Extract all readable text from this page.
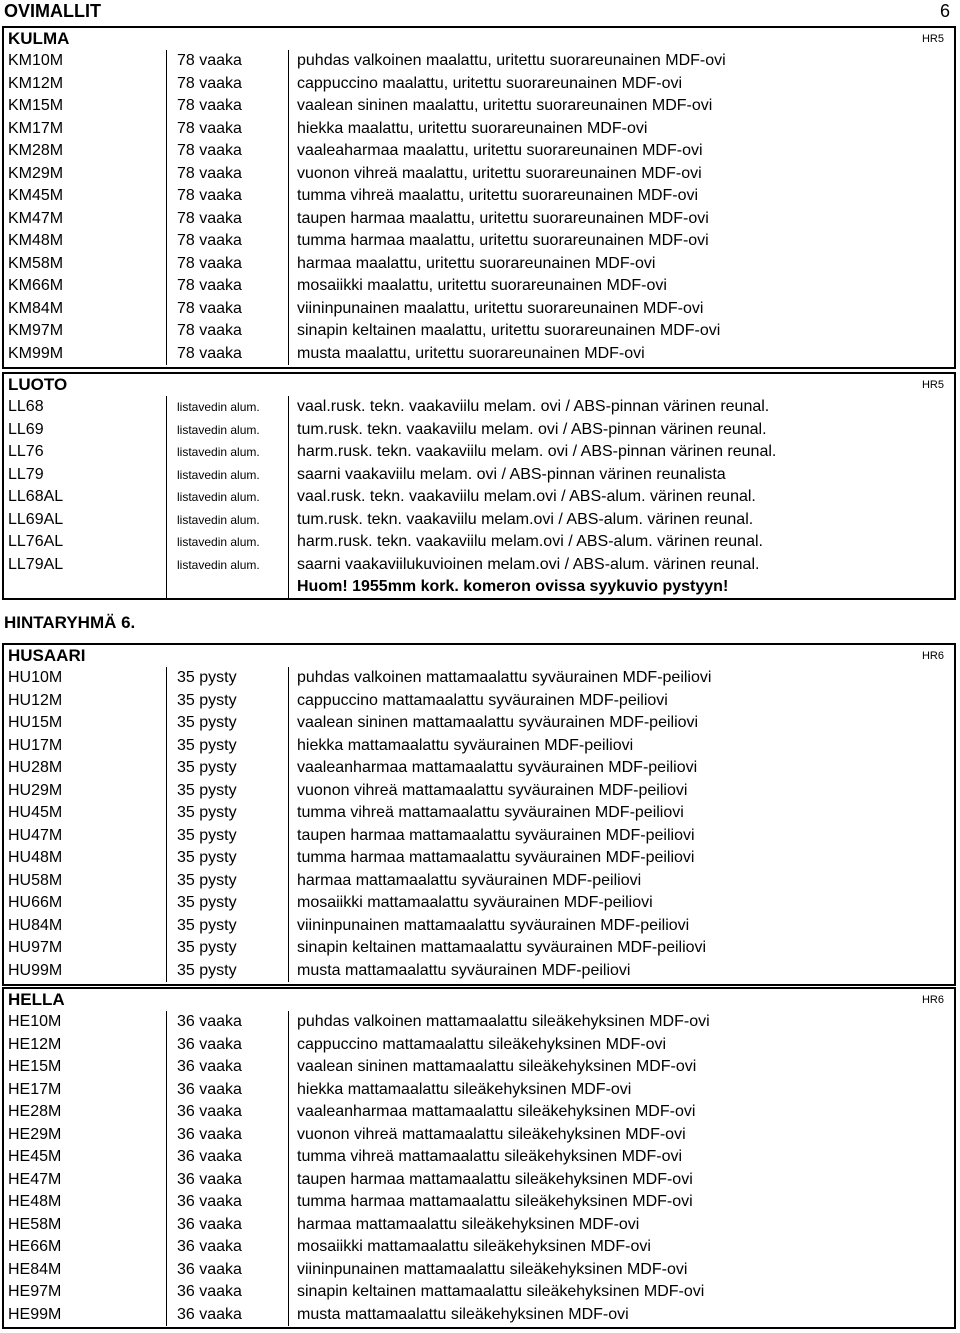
OVIMALLIT	6
KULMA	HR5
KM10M	78 vaaka	puhdas valkoinen maalattu, uritettu suorareunainen MDF-ovi
KM12M	78 vaaka	cappuccino maalattu, uritettu suorareunainen MDF-ovi
KM15M	78 vaaka	vaalean sininen maalattu, uritettu suorareunainen MDF-ovi
KM17M	78 vaaka	hiekka maalattu, uritettu suorareunainen MDF-ovi
KM28M	78 vaaka	vaaleaharmaa maalattu, uritettu suorareunainen MDF-ovi
KM29M	78 vaaka	vuonon vihreä maalattu, uritettu suorareunainen MDF-ovi
KM45M	78 vaaka	tumma vihreä maalattu, uritettu suorareunainen MDF-ovi
KM47M	78 vaaka	taupen harmaa maalattu, uritettu suorareunainen MDF-ovi
KM48M	78 vaaka	tumma harmaa maalattu, uritettu suorareunainen MDF-ovi
KM58M	78 vaaka	harmaa maalattu, uritettu suorareunainen MDF-ovi
KM66M	78 vaaka	mosaiikki maalattu, uritettu suorareunainen MDF-ovi
KM84M	78 vaaka	viininpunainen maalattu, uritettu suorareunainen MDF-ovi
KM97M	78 vaaka	sinapin keltainen maalattu, uritettu suorareunainen MDF-ovi
KM99M	78 vaaka	musta maalattu, uritettu suorareunainen MDF-ovi
LUOTO	HR5
LL68	listavedin alum.	vaal.rusk. tekn. vaakaviilu melam. ovi / ABS-pinnan värinen reunal.
LL69	listavedin alum.	tum.rusk. tekn. vaakaviilu melam. ovi / ABS-pinnan värinen reunal.
LL76	listavedin alum.	harm.rusk. tekn. vaakaviilu melam. ovi / ABS-pinnan värinen reunal.
LL79	listavedin alum.	saarni vaakaviilu melam. ovi / ABS-pinnan värinen reunalista
LL68AL	listavedin alum.	vaal.rusk. tekn. vaakaviilu melam.ovi / ABS-alum. värinen reunal.
LL69AL	listavedin alum.	tum.rusk. tekn. vaakaviilu melam.ovi / ABS-alum. värinen reunal.
LL76AL	listavedin alum.	harm.rusk. tekn. vaakaviilu melam.ovi / ABS-alum. värinen reunal.
LL79AL	listavedin alum.	saarni vaakaviilukuvioinen melam.ovi / ABS-alum. värinen reunal.
Huom! 1955mm kork. komeron ovissa syykuvio pystyyn!
HINTARYHMÄ 6.
HUSAARI	HR6
HU10M	35 pysty	puhdas valkoinen mattamaalattu syväurainen MDF-peiliovi
HU12M	35 pysty	cappuccino mattamaalattu syväurainen MDF-peiliovi
HU15M	35 pysty	vaalean sininen mattamaalattu syväurainen MDF-peiliovi
HU17M	35 pysty	hiekka mattamaalattu syväurainen MDF-peiliovi
HU28M	35 pysty	vaaleanharmaa mattamaalattu syväurainen MDF-peiliovi
HU29M	35 pysty	vuonon vihreä mattamaalattu syväurainen MDF-peiliovi
HU45M	35 pysty	tumma vihreä mattamaalattu syväurainen MDF-peiliovi
HU47M	35 pysty	taupen harmaa mattamaalattu syväurainen MDF-peiliovi
HU48M	35 pysty	tumma harmaa mattamaalattu syväurainen MDF-peiliovi
HU58M	35 pysty	harmaa mattamaalattu syväurainen MDF-peiliovi
HU66M	35 pysty	mosaiikki mattamaalattu syväurainen MDF-peiliovi
HU84M	35 pysty	viininpunainen mattamaalattu syväurainen MDF-peiliovi
HU97M	35 pysty	sinapin keltainen mattamaalattu syväurainen MDF-peiliovi
HU99M	35 pysty	musta mattamaalattu syväurainen MDF-peiliovi
HELLA	HR6
HE10M	36 vaaka	puhdas valkoinen mattamaalattu sileäkehyksinen MDF-ovi
HE12M	36 vaaka	cappuccino mattamaalattu sileäkehyksinen MDF-ovi
HE15M	36 vaaka	vaalean sininen mattamaalattu sileäkehyksinen MDF-ovi
HE17M	36 vaaka	hiekka mattamaalattu sileäkehyksinen MDF-ovi
HE28M	36 vaaka	vaaleanharmaa mattamaalattu sileäkehyksinen MDF-ovi
HE29M	36 vaaka	vuonon vihreä mattamaalattu sileäkehyksinen MDF-ovi
HE45M	36 vaaka	tumma vihreä mattamaalattu sileäkehyksinen MDF-ovi
HE47M	36 vaaka	taupen harmaa mattamaalattu sileäkehyksinen MDF-ovi
HE48M	36 vaaka	tumma harmaa mattamaalattu sileäkehyksinen MDF-ovi
HE58M	36 vaaka	harmaa mattamaalattu sileäkehyksinen MDF-ovi
HE66M	36 vaaka	mosaiikki mattamaalattu sileäkehyksinen MDF-ovi
HE84M	36 vaaka	viininpunainen mattamaalattu sileäkehyksinen MDF-ovi
HE97M	36 vaaka	sinapin keltainen mattamaalattu sileäkehyksinen MDF-ovi
HE99M	36 vaaka	musta mattamaalattu sileäkehyksinen MDF-ovi
